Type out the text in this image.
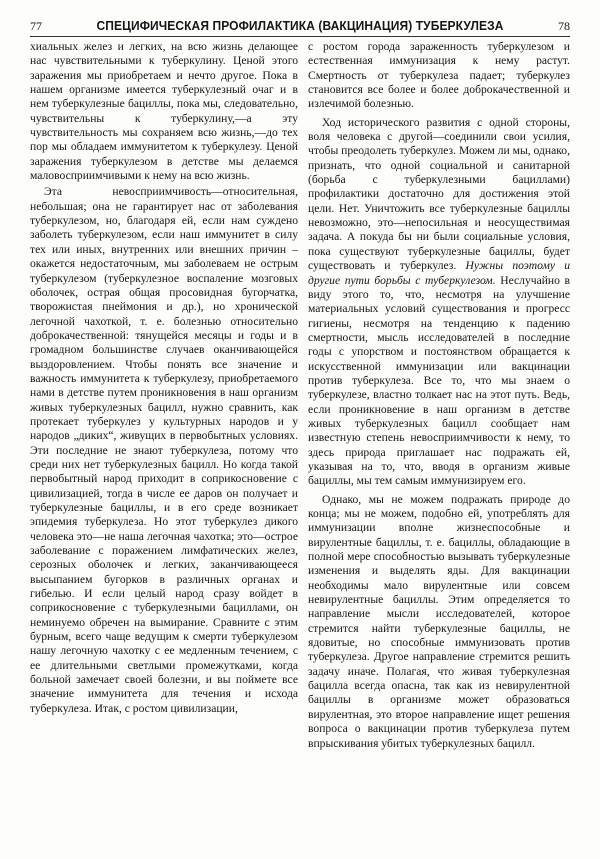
77	СПЕЦИФИЧЕСКАЯ ПРОФИЛАКТИКА (ВАКЦИНАЦИЯ) ТУБЕРКУЛЕЗА	78

хиальных желез и легких, на всю жизнь делающее нас чувствительными к туберкулину. Ценой этого заражения мы приобретаем и нечто другое. Пока в нашем организме имеется туберкулезный очаг и в нем туберкулезные бациллы, пока мы, следовательно, чувствительны к туберкулину,—а эту чувствительность мы сохраняем всю жизнь,—до тех пор мы обладаем иммунитетом к туберкулезу. Ценой заражения туберкулезом в детстве мы делаемся маловосприимчивыми к нему на всю жизнь.

Эта невосприимчивость—относительная, небольшая; она не гарантирует нас от заболевания туберкулезом, но, благодаря ей, если нам суждено заболеть туберкулезом, если наш иммунитет в силу тех или иных, внутренних или внешних причин – окажется недостаточным, мы заболеваем не острым туберкулезом (туберкулезное воспаление мозговых оболочек, острая общая просовидная бугорчатка, творожистая пнеймония и др.), но хронической легочной чахоткой, т. е. болезнью относительно доброкачественной: тянущейся месяцы и годы и в громадном большинстве случаев оканчивающейся выздоровлением. Чтобы понять все значение и важность иммунитета к туберкулезу, приобретаемого нами в детстве путем проникновения в наш организм живых туберкулезных бацилл, нужно сравнить, как протекает туберкулез у культурных народов и у народов „диких“, живущих в первобытных условиях. Эти последние не знают туберкулеза, потому что среди них нет туберкулезных бацилл. Но когда такой первобытный народ приходит в соприкосновение с цивилизацией, тогда в числе ее даров он получает и туберкулезные бациллы, и в его среде возникает эпидемия туберкулеза. Но этот туберкулез дикого человека это—не наша легочная чахотка; это—острое заболевание с поражением лимфатических желез, серозных оболочек и легких, заканчивающееся высыпанием бугорков в различных органах и гибелью. И если целый народ сразу войдет в соприкосновение с туберкулезными бациллами, он неминуемо обречен на вымирание. Сравните с этим бурным, всего чаще ведущим к смерти туберкулезом нашу легочную чахотку с ее медленным течением, с ее длительными светлыми промежутками, когда больной замечает своей болезни, и вы поймете все значение иммунитета для течения и исхода туберкулеза. Итак, с ростом цивилизации,

с ростом города зараженность туберкулезом и естественная иммунизация к нему растут. Смертность от туберкулеза падает; туберкулез становится все более и более доброкачественной и излечимой болезнью.

Ход исторического развития с одной стороны, воля человека с другой—соединили свои усилия, чтобы преодолеть туберкулез. Можем ли мы, однако, признать, что одной социальной и санитарной (борьба с туберкулезными бациллами) профилактики достаточно для достижения этой цели. Нет. Уничтожить все туберкулезные бациллы невозможно, это—непосильная и неосуществимая задача. А покуда бы ни были социальные условия, пока существуют туберкулезные бациллы, будет существовать и туберкулез. Нужны поэтому и другие пути борьбы с туберкулезом. Неслучайно в виду этого то, что, несмотря на улучшение материальных условий существования и прогресс гигиены, несмотря на тенденцию к падению смертности, мысль исследователей в последние годы с упорством и постоянством обращается к искусственной иммунизации или вакцинации против туберкулеза. Все то, что мы знаем о туберкулезе, властно толкает нас на этот путь. Ведь, если проникновение в наш организм в детстве живых туберкулезных бацилл сообщает нам известную степень невосприимчивости к нему, то здесь природа приглашает нас подражать ей, указывая на то, что, вводя в организм живые бациллы, мы тем самым иммунизируем его.

Однако, мы не можем подражать природе до конца; мы не можем, подобно ей, употреблять для иммунизации вполне жизнеспособные и вирулентные бациллы, т. е. бациллы, обладающие в полной мере способностью вызывать туберкулезные изменения и выделять яды. Для вакцинации необходимы мало вирулентные или совсем невирулентные бациллы. Этим определяется то направление мысли исследователей, которое стремится найти туберкулезные бациллы, не ядовитые, но способные иммунизовать против туберкулеза. Другое направление стремится решить задачу иначе. Полагая, что живая туберкулезная бацилла всегда опасна, так как из невирулентной бациллы в организме может образоваться вирулентная, это второе направление ищет решения вопроса о вакцинации против туберкулеза путем впрыскивания убитых туберкулезных бацилл.
